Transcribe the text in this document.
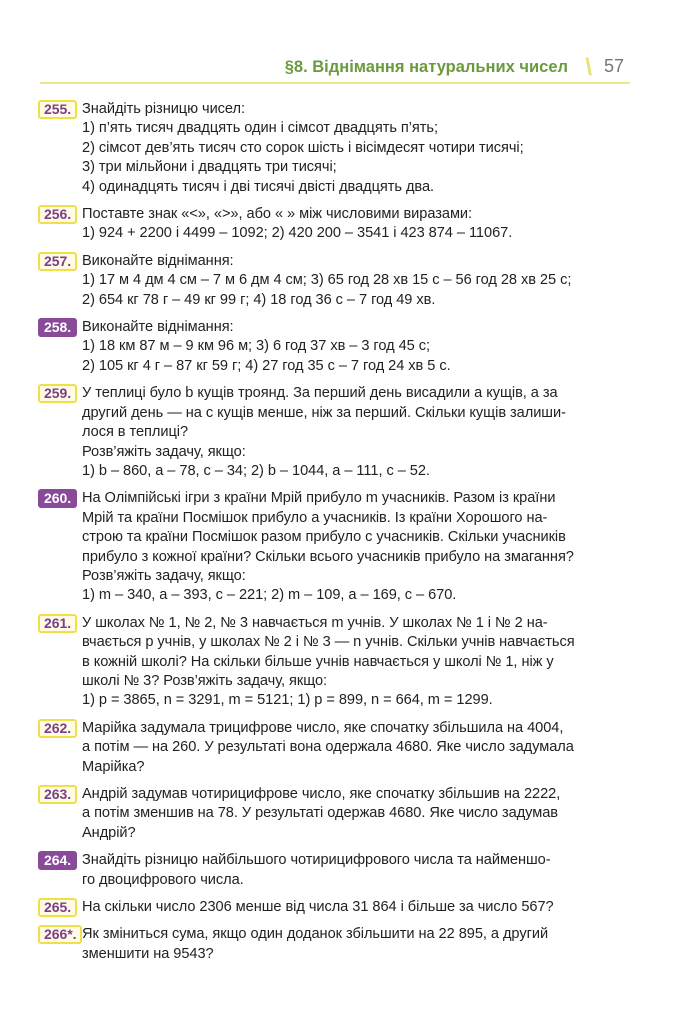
§8. Віднімання натуральних чисел \ 57
255. Знайдіть різницю чисел:
1) п’ять тисяч двадцять один і сімсот двадцять п’ять;
2) сімсот дев’ять тисяч сто сорок шість і вісімдесят чотири тисячі;
3) три мільйони і двадцять три тисячі;
4) одинадцять тисяч і дві тисячі двісті двадцять два.
256. Поставте знак «<», «>», або « » між числовими виразами:
1) 924 + 2200 і 4499 – 1092; 2) 420 200 – 3541 і 423 874 – 11067.
257. Виконайте віднімання:
1) 17 м 4 дм 4 см – 7 м 6 дм 4 см; 3) 65 год 28 хв 15 с – 56 год 28 хв 25 с;
2) 654 кг 78 г – 49 кг 99 г; 4) 18 год 36 с – 7 год 49 хв.
258. Виконайте віднімання:
1) 18 км 87 м – 9 км 96 м; 3) 6 год 37 хв – 3 год 45 с;
2) 105 кг 4 г – 87 кг 59 г; 4) 27 год 35 с – 7 год 24 хв 5 с.
259. У теплиці було b кущів троянд. За перший день висадили a кущів, а за
другий день — на c кущів менше, ніж за перший. Скільки кущів залиши-
лося в теплиці?
Розв’яжіть задачу, якщо:
1) b – 860, a – 78, c – 34; 2) b – 1044, a – 111, c – 52.
260. На Олімпійські ігри з країни Мрій прибуло m учасників. Разом із країни
Мрій та країни Посмішок прибуло a учасників. Із країни Хорошого на-
строю та країни Посмішок разом прибуло c учасників. Скільки учасників
прибуло з кожної країни? Скільки всього учасників прибуло на змагання?
Розв’яжіть задачу, якщо:
1) m – 340, a – 393, c – 221; 2) m – 109, a – 169, c – 670.
261. У школах № 1, № 2, № 3 навчається m учнів. У школах № 1 і № 2 на-
вчається p учнів, у школах № 2 і № 3 — n учнів. Скільки учнів навчається
в кожній школі? На скільки більше учнів навчається у школі № 1, ніж у
школі № 3? Розв’яжіть задачу, якщо:
1) p = 3865, n = 3291, m = 5121; 1) p = 899, n = 664, m = 1299.
262. Марійка задумала трицифрове число, яке спочатку збільшила на 4004,
а потім — на 260. У результаті вона одержала 4680. Яке число задумала
Марійка?
263. Андрій задумав чотирицифрове число, яке спочатку збільшив на 2222,
а потім зменшив на 78. У результаті одержав 4680. Яке число задумав
Андрій?
264. Знайдіть різницю найбільшого чотирицифрового числа та найменшо-
го двоцифрового числа.
265. На скільки число 2306 менше від числа 31 864 і більше за число 567?
266*. Як зміниться сума, якщо один доданок збільшити на 22 895, а другий
зменшити на 9543?
